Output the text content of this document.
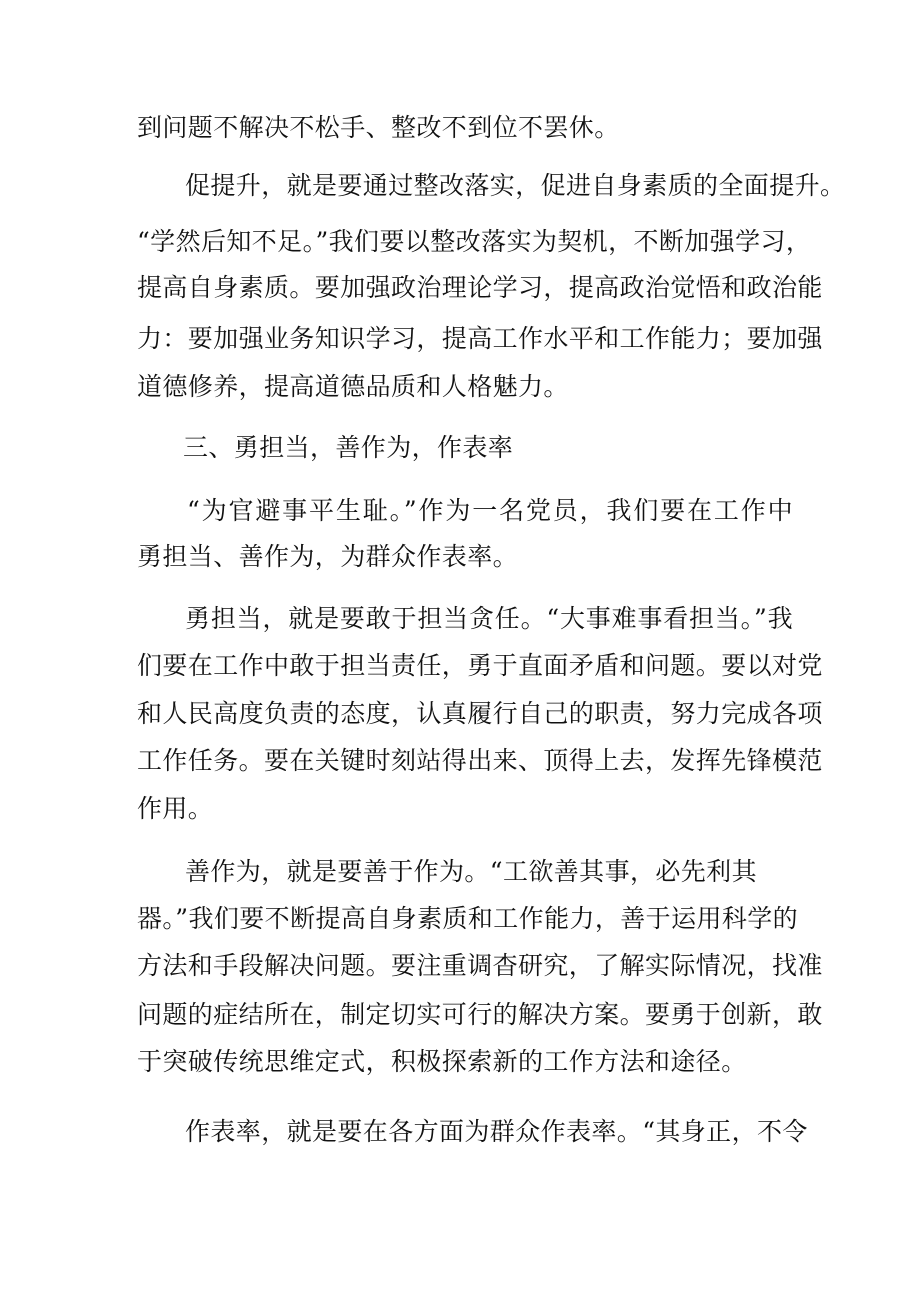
到问题不解决不松手、整改不到位不罢休。
促提升，就是要通过整改落实，促进自身素质的全面提升。
“学然后知不足。”我们要以整改落实为契机，不断加强学习，
提高自身素质。要加强政治理论学习，提高政治觉悟和政治能
力：要加强业务知识学习，提高工作水平和工作能力；要加强
道德修养，提高道德品质和人格魅力。
三、勇担当，善作为，作表率
“为官避事平生耻。”作为一名党员，我们要在工作中
勇担当、善作为，为群众作表率。
勇担当，就是要敢于担当贪任。“大事难事看担当。”我
们要在工作中敢于担当责任，勇于直面矛盾和问题。要以对党
和人民高度负责的态度，认真履行自己的职责，努力完成各项
工作任务。要在关键时刻站得出来、顶得上去，发挥先锋模范
作用。
善作为，就是要善于作为。“工欲善其事，必先利其
器。”我们要不断提高自身素质和工作能力，善于运用科学的
方法和手段解决问题。要注重调杳研究，了解实际情况，找准
问题的症结所在，制定切实可行的解决方案。要勇于创新，敢
于突破传统思维定式，积极探索新的工作方法和途径。
作表率，就是要在各方面为群众作表率。“其身正，不令
